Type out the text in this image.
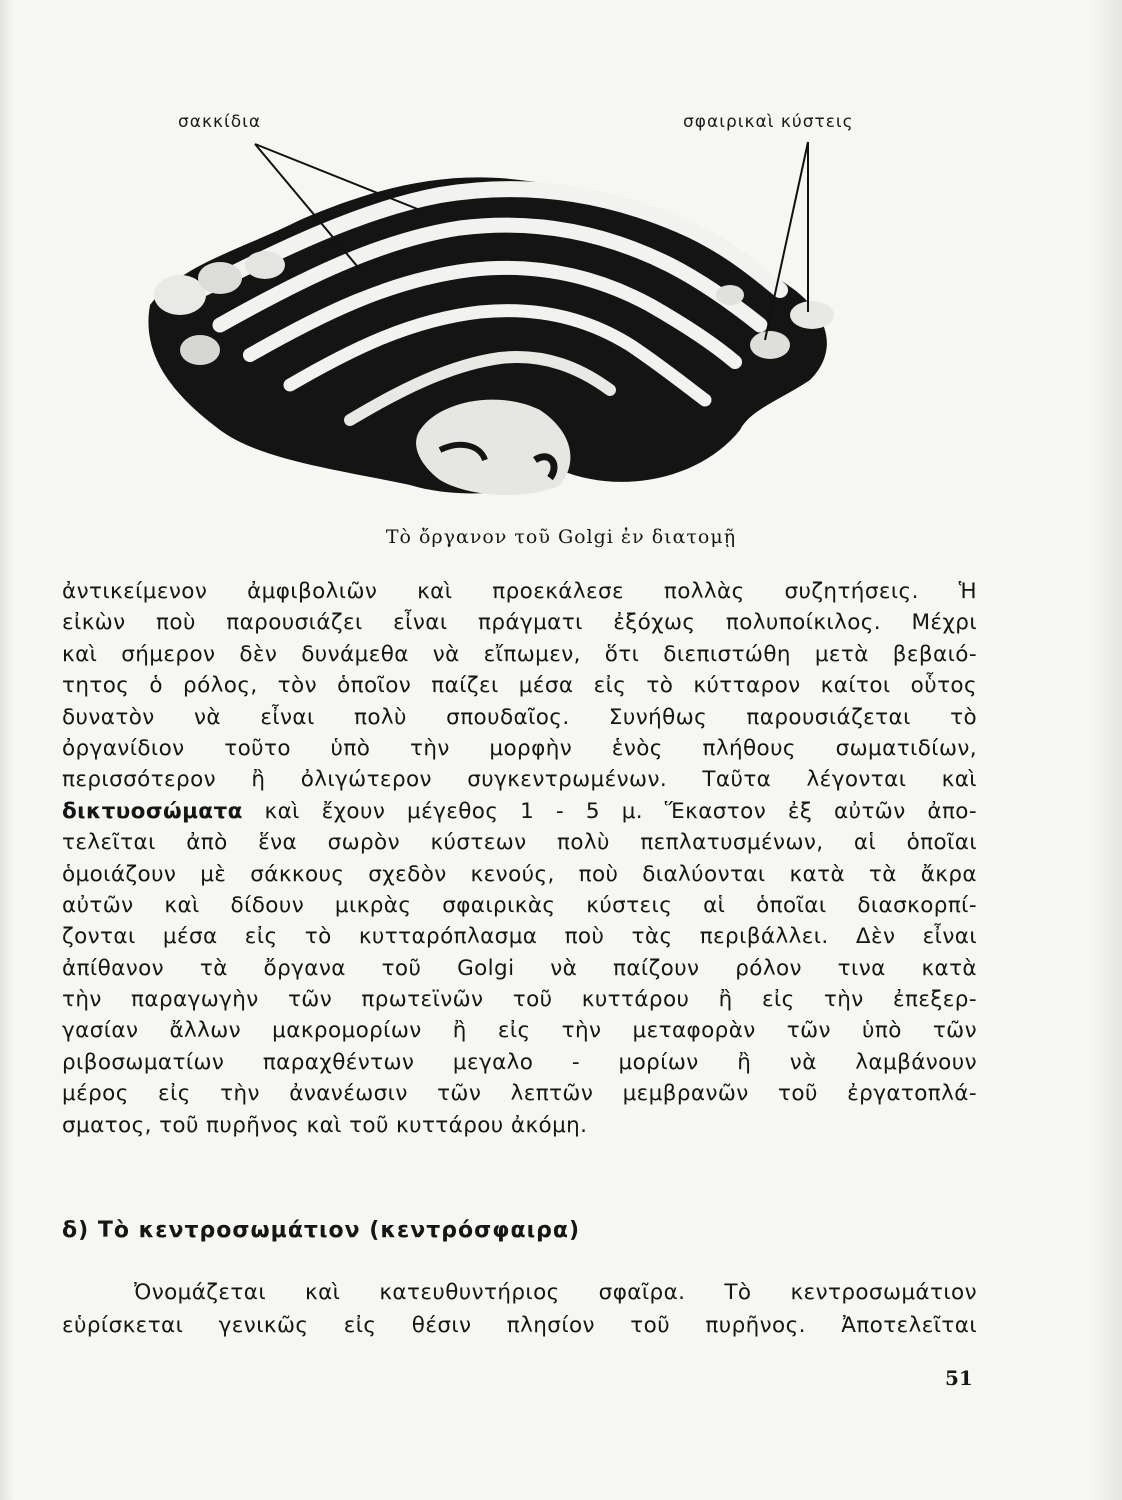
σακκίδια	σφαιρικαὶ κύστεις
Τὸ ὄργανον τοῦ Golgi ἐν διατομῇ
ἀντικείμενον ἀμφιβολιῶν καὶ προεκάλεσε πολλὰς συζητήσεις. Ἡ
εἰκὼν ποὺ παρουσιάζει εἶναι πράγματι ἐξόχως πολυποίκιλος. Μέχρι
καὶ σήμερον δὲν δυνάμεθα νὰ εἴπωμεν, ὅτι διεπιστώθη μετὰ βεβαιό-
τητος ὁ ρόλος, τὸν ὁποῖον παίζει μέσα εἰς τὸ κύτταρον καίτοι οὗτος
δυνατὸν νὰ εἶναι πολὺ σπουδαῖος. Συνήθως παρουσιάζεται τὸ
ὀργανίδιον τοῦτο ὑπὸ τὴν μορφὴν ἑνὸς πλήθους σωματιδίων,
περισσότερον ἢ ὀλιγώτερον συγκεντρωμένων. Ταῦτα λέγονται καὶ
δικτυοσώματα καὶ ἔχουν μέγεθος 1 - 5 μ. Ἕκαστον ἐξ αὐτῶν ἀπο-
τελεῖται ἀπὸ ἕνα σωρὸν κύστεων πολὺ πεπλατυσμένων, αἱ ὁποῖαι
ὁμοιάζουν μὲ σάκκους σχεδὸν κενούς, ποὺ διαλύονται κατὰ τὰ ἄκρα
αὐτῶν καὶ δίδουν μικρὰς σφαιρικὰς κύστεις αἱ ὁποῖαι διασκορπί-
ζονται μέσα εἰς τὸ κυτταρόπλασμα ποὺ τὰς περιβάλλει. Δὲν εἶναι
ἀπίθανον τὰ ὄργανα τοῦ Golgi νὰ παίζουν ρόλον τινα κατὰ
τὴν παραγωγὴν τῶν πρωτεϊνῶν τοῦ κυττάρου ἢ εἰς τὴν ἐπεξερ-
γασίαν ἄλλων μακρομορίων ἢ εἰς τὴν μεταφορὰν τῶν ὑπὸ τῶν
ριβοσωματίων παραχθέντων μεγαλο - μορίων ἢ νὰ λαμβάνουν
μέρος εἰς τὴν ἀνανέωσιν τῶν λεπτῶν μεμβρανῶν τοῦ ἐργατοπλά-
σματος, τοῦ πυρῆνος καὶ τοῦ κυττάρου ἀκόμη.
δ) Τὸ κεντροσωμάτιον (κεντρόσφαιρα)
Ὀνομάζεται καὶ κατευθυντήριος σφαῖρα. Τὸ κεντροσωμάτιον
εὑρίσκεται γενικῶς εἰς θέσιν πλησίον τοῦ πυρῆνος. Ἀποτελεῖται
51
